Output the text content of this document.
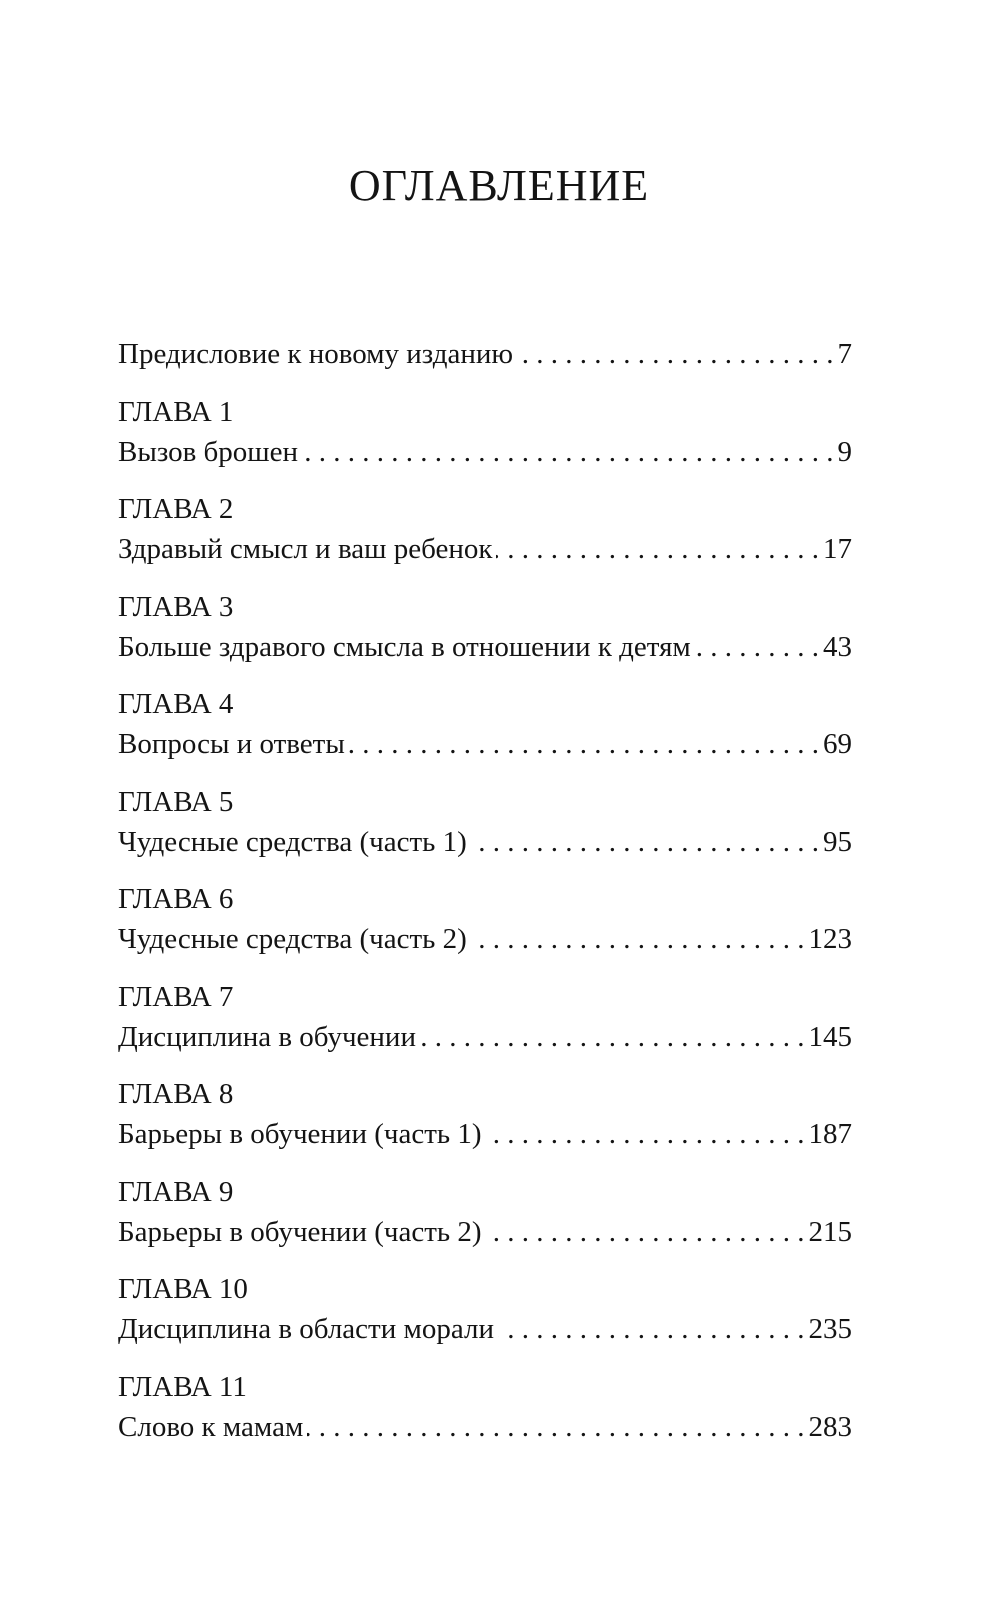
ОГЛАВЛЕНИЕ
Предисловие к новому изданию . . .	7
ГЛАВА 1
Вызов брошен . . .	9
ГЛАВА 2
Здравый смысл и ваш ребенок . . .	17
ГЛАВА 3
Больше здравого смысла в отношении к детям . . .	43
ГЛАВА 4
Вопросы и ответы . . .	69
ГЛАВА 5
Чудесные средства (часть 1) . . .	95
ГЛАВА 6
Чудесные средства (часть 2) . . .	123
ГЛАВА 7
Дисциплина в обучении . . .	145
ГЛАВА 8
Барьеры в обучении (часть 1) . . .	187
ГЛАВА 9
Барьеры в обучении (часть 2) . . .	215
ГЛАВА 10
Дисциплина в области морали . . .	235
ГЛАВА 11
Слово к мамам . . .	283
